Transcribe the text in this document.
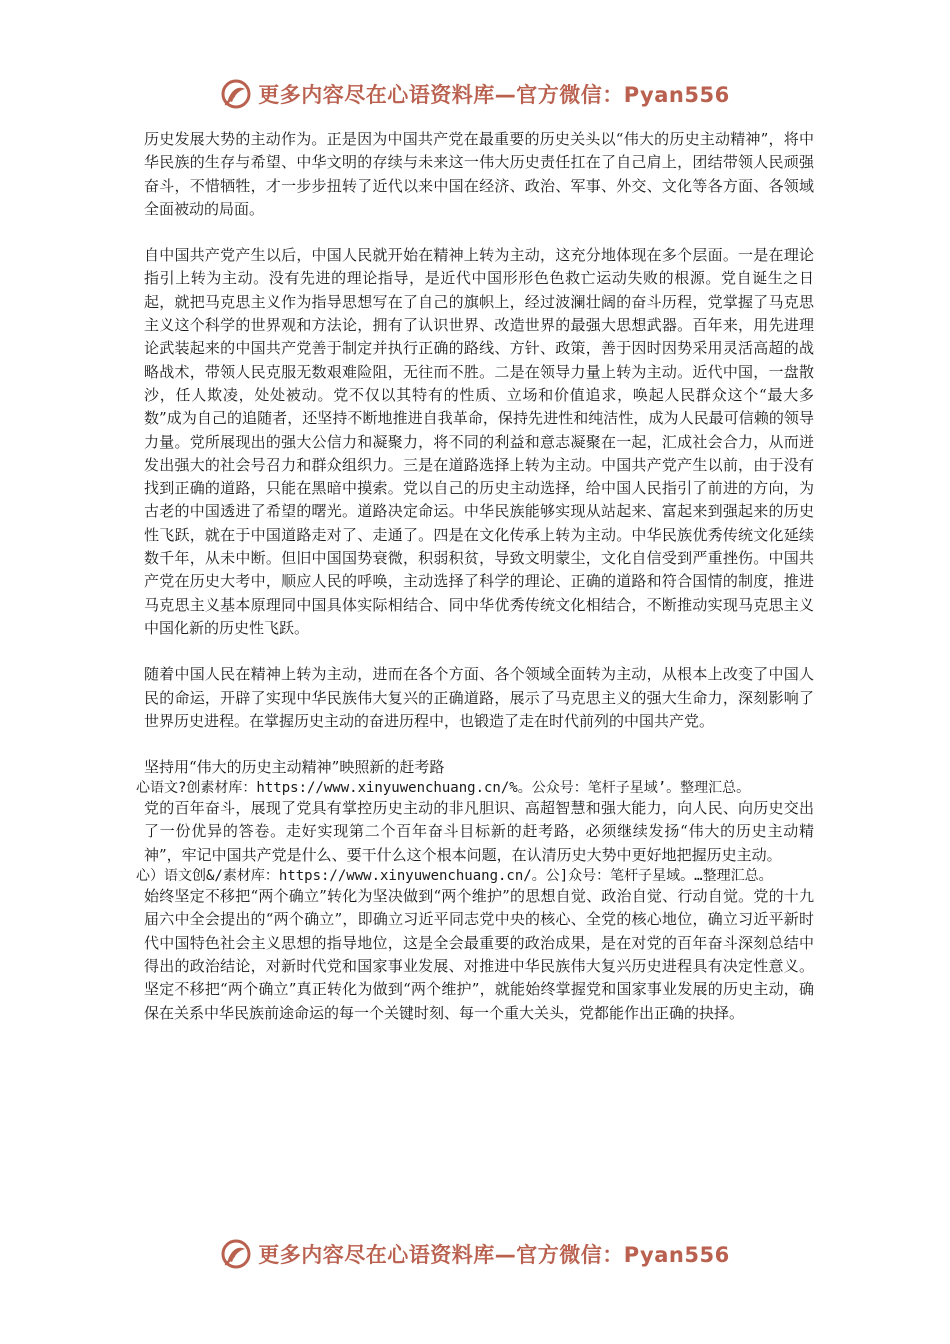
更多内容尽在心语资料库—官方微信：Pyan556

历史发展大势的主动作为。正是因为中国共产党在最重要的历史关头以“伟大的历史主动精神”，将中华民族的生存与希望、中华文明的存续与未来这一伟大历史责任扛在了自己肩上，团结带领人民顽强奋斗，不惜牺牲，才一步步扭转了近代以来中国在经济、政治、军事、外交、文化等各方面、各领域全面被动的局面。

自中国共产党产生以后，中国人民就开始在精神上转为主动，这充分地体现在多个层面。一是在理论指引上转为主动。没有先进的理论指导，是近代中国形形色色救亡运动失败的根源。党自诞生之日起，就把马克思主义作为指导思想写在了自己的旗帜上，经过波澜壮阔的奋斗历程，党掌握了马克思主义这个科学的世界观和方法论，拥有了认识世界、改造世界的最强大思想武器。百年来，用先进理论武装起来的中国共产党善于制定并执行正确的路线、方针、政策，善于因时因势采用灵活高超的战略战术，带领人民克服无数艰难险阻，无往而不胜。二是在领导力量上转为主动。近代中国，一盘散沙，任人欺凌，处处被动。党不仅以其特有的性质、立场和价值追求，唤起人民群众这个“最大多数”成为自己的追随者，还坚持不断地推进自我革命，保持先进性和纯洁性，成为人民最可信赖的领导力量。党所展现出的强大公信力和凝聚力，将不同的利益和意志凝聚在一起，汇成社会合力，从而迸发出强大的社会号召力和群众组织力。三是在道路选择上转为主动。中国共产党产生以前，由于没有找到正确的道路，只能在黑暗中摸索。党以自己的历史主动选择，给中国人民指引了前进的方向，为古老的中国透进了希望的曙光。道路决定命运。中华民族能够实现从站起来、富起来到强起来的历史性飞跃，就在于中国道路走对了、走通了。四是在文化传承上转为主动。中华民族优秀传统文化延续数千年，从未中断。但旧中国国势衰微，积弱积贫，导致文明蒙尘，文化自信受到严重挫伤。中国共产党在历史大考中，顺应人民的呼唤，主动选择了科学的理论、正确的道路和符合国情的制度，推进马克思主义基本原理同中国具体实际相结合、同中华优秀传统文化相结合，不断推动实现马克思主义中国化新的历史性飞跃。

随着中国人民在精神上转为主动，进而在各个方面、各个领域全面转为主动，从根本上改变了中国人民的命运，开辟了实现中华民族伟大复兴的正确道路，展示了马克思主义的强大生命力，深刻影响了世界历史进程。在掌握历史主动的奋进历程中，也锻造了走在时代前列的中国共产党。

坚持用“伟大的历史主动精神”映照新的赶考路

心语文?创素材库：https://www.xinyuwenchuang.cn/%。公众号：笔杆子星域’。整理汇总。

党的百年奋斗，展现了党具有掌控历史主动的非凡胆识、高超智慧和强大能力，向人民、向历史交出了一份优异的答卷。走好实现第二个百年奋斗目标新的赶考路，必须继续发扬“伟大的历史主动精神”，牢记中国共产党是什么、要干什么这个根本问题，在认清历史大势中更好地把握历史主动。

心）语文创&/素材库：https://www.xinyuwenchuang.cn/。公]众号：笔杆子星域。…整理汇总。

始终坚定不移把“两个确立”转化为坚决做到“两个维护”的思想自觉、政治自觉、行动自觉。党的十九届六中全会提出的“两个确立”，即确立习近平同志党中央的核心、全党的核心地位，确立习近平新时代中国特色社会主义思想的指导地位，这是全会最重要的政治成果，是在对党的百年奋斗深刻总结中得出的政治结论，对新时代党和国家事业发展、对推进中华民族伟大复兴历史进程具有决定性意义。坚定不移把“两个确立”真正转化为做到“两个维护”，就能始终掌握党和国家事业发展的历史主动，确保在关系中华民族前途命运的每一个关键时刻、每一个重大关头，党都能作出正确的抉择。

更多内容尽在心语资料库—官方微信：Pyan556
